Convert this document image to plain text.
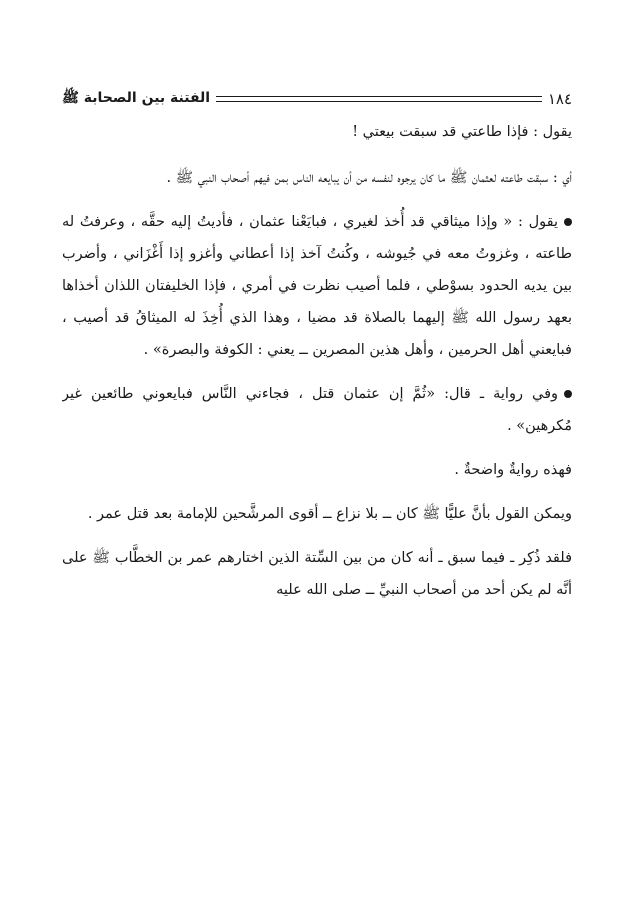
الفتنة بين الصحابة ﷺ	١٨٤

يقول : فإذا طاعتي قد سبقت بيعتي !

أي : سبقت طاعته لعثمان ﷺ ما كان يرجوه لنفسه من أن يبايعه الناس بمن فيهم أصحاب النبي ﷺ .

يقول : « وإذا ميثاقي قد أُخذ لغيري ، فبايَعْنا عثمان ، فأديتُ إليه حقَّه ، وعرفتُ له طاعته ، وغزوتُ معه في جُيوشه ، وكُنتُ آخذ إذا أعطاني وأغزو إذا أَغْزَاني ، وأضرب بين يديه الحدود بسوْطي ، فلما أصيب نظرت في أمري ، فإذا الخليفتان اللذان أخذاها بعهد رسول الله ﷺ إليهما بالصلاة قد مضيا ، وهذا الذي أُخِذَ له الميثاقُ قد أصيب ، فبايعني أهل الحرمين ، وأهل هذين المصرين ــ يعني : الكوفة والبصرة» .

وفي رواية ـ قال: «ثُمَّ إن عثمان قتل ، فجاءني النَّاس فبايعوني طائعين غير مُكرهين» .

فهذه روايةٌ واضحةٌ .

ويمكن القول بأنَّ عليًّا ﷺ كان ــ بلا نزاع ــ أقوى المرشَّحين للإمامة بعد قتل عمر .

فلقد ذُكِر ـ فيما سبق ـ أنه كان من بين السِّتة الذين اختارهم عمر بن الخطَّاب ﷺ على أنَّه لم يكن أحد من أصحاب النبيِّ ــ صلى الله عليه
